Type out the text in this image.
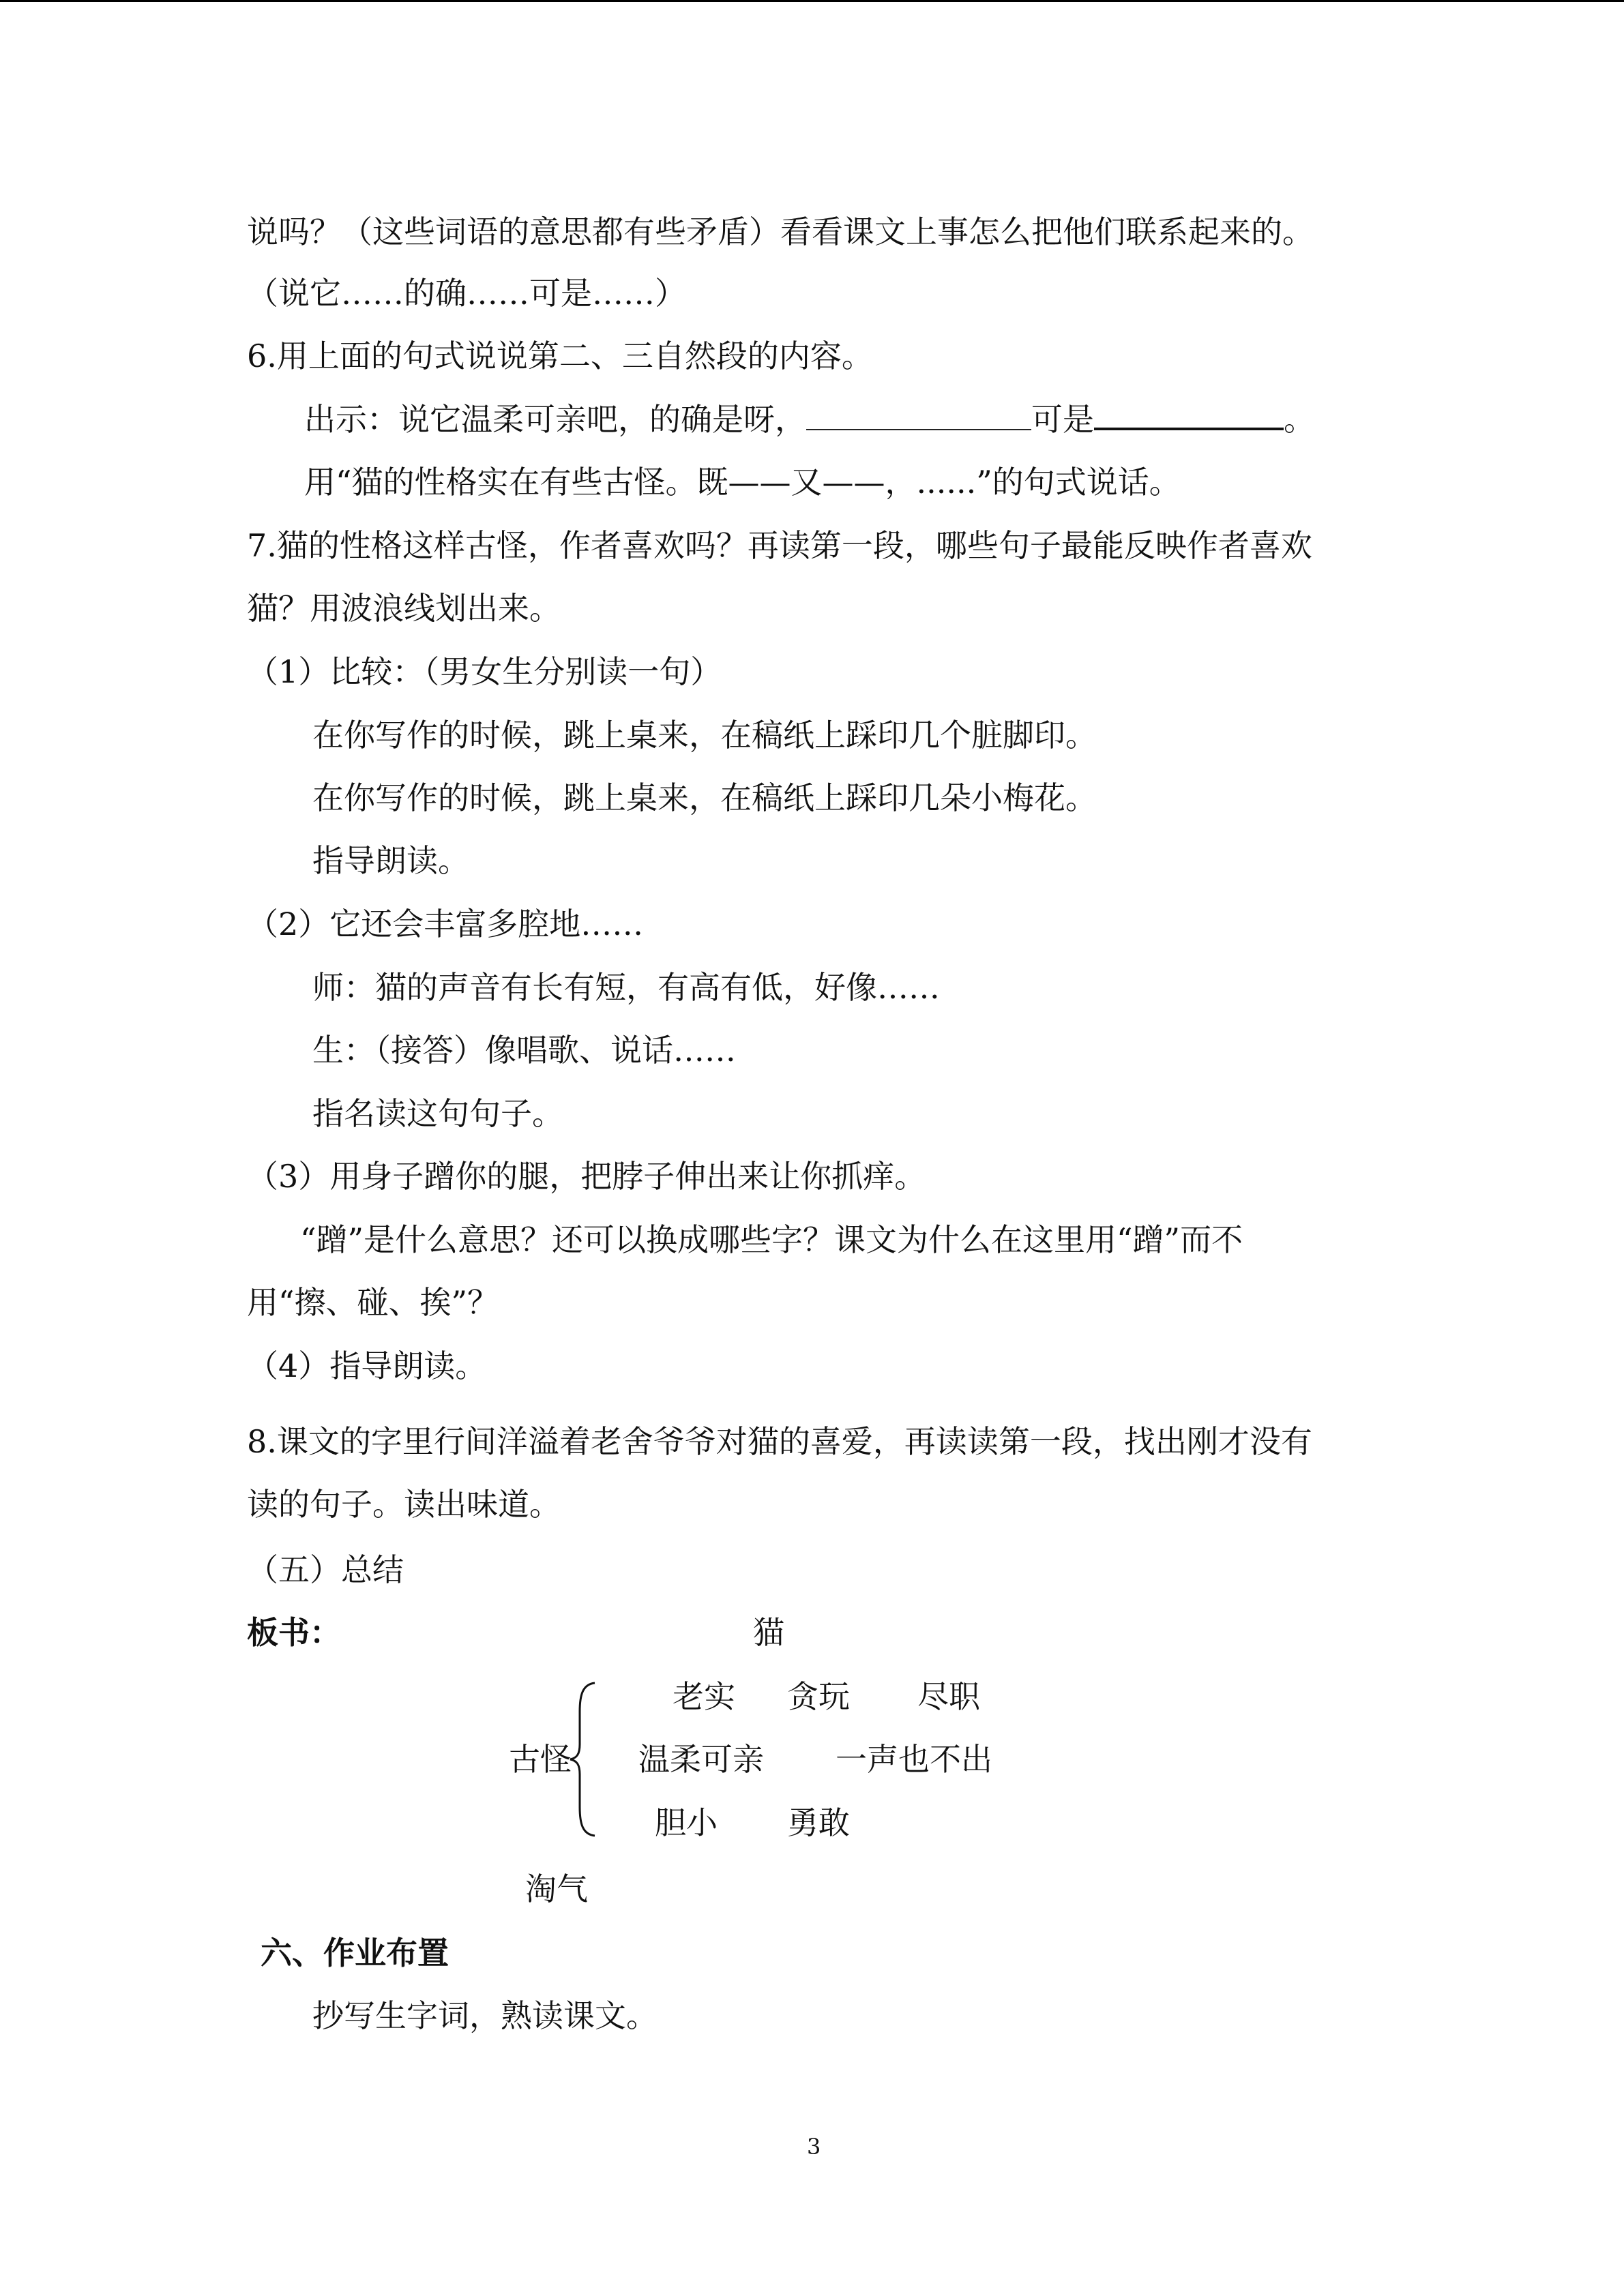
说吗？（这些词语的意思都有些矛盾）看看课文上事怎么把他们联系起来的。
（说它……的确……可是……）
6.用上面的句式说说第二、三自然段的内容。
出示：说它温柔可亲吧，的确是呀，	可是	。
用“猫的性格实在有些古怪。既——又——，......”的句式说话。
7.猫的性格这样古怪，作者喜欢吗？再读第一段，哪些句子最能反映作者喜欢
猫？用波浪线划出来。
（1）比较：（男女生分别读一句）
在你写作的时候，跳上桌来，在稿纸上踩印几个脏脚印。
在你写作的时候，跳上桌来，在稿纸上踩印几朵小梅花。
指导朗读。
（2）它还会丰富多腔地……
师：猫的声音有长有短，有高有低，好像……
生：（接答）像唱歌、说话……
指名读这句句子。
（3）用身子蹭你的腿，把脖子伸出来让你抓痒。
“蹭”是什么意思？还可以换成哪些字？课文为什么在这里用“蹭”而不
用“擦、碰、挨”？
（4）指导朗读。
8.课文的字里行间洋溢着老舍爷爷对猫的喜爱，再读读第一段，找出刚才没有
读的句子。读出味道。
（五）总结
板书：	猫
古怪
老实 贪玩 尽职
温柔可亲 一声也不出
胆小 勇敢
淘气
六、作业布置
抄写生字词，熟读课文。
3
